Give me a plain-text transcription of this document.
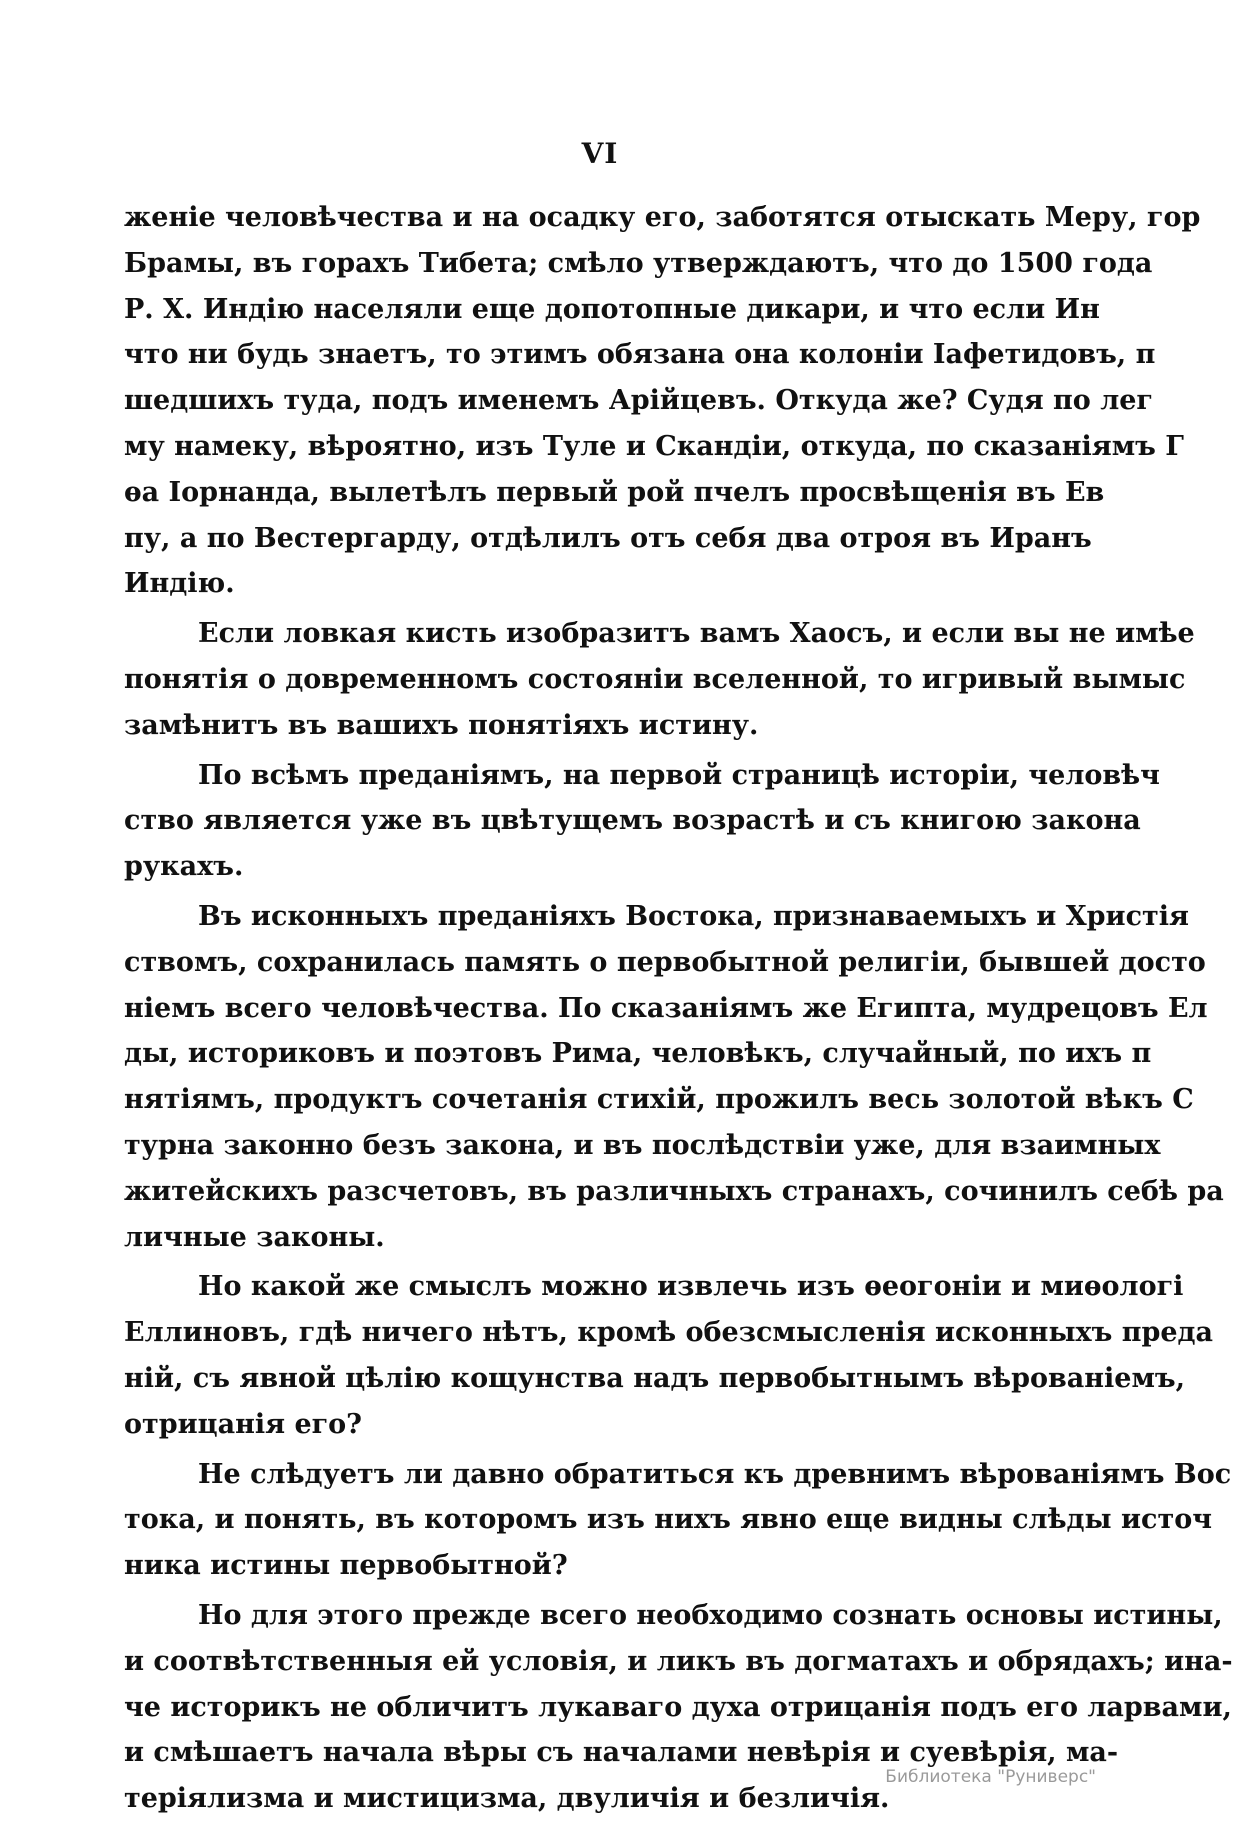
VI
женіе человѣчества и на осадку его, заботятся отыскать Меру, гор
Брамы, въ горахъ Тибета; смѣло утверждаютъ, что до 1500 года
Р. Х. Индію населяли еще допотопные дикари, и что если Ин
что ни будь знаетъ, то этимъ обязана она колоніи Іафетидовъ, п
шедшихъ туда, подъ именемъ Арійцевъ. Откуда же? Судя по лег
му намеку, вѣроятно, изъ Туле и Скандіи, откуда, по сказаніямъ Г
ѳа Іорнанда, вылетѣлъ первый рой пчелъ просвѣщенія въ Ев
пу, а по Вестергарду, отдѣлилъ отъ себя два отроя въ Иранъ
Индію.
Если ловкая кисть изобразитъ вамъ Хаосъ, и если вы не имѣе
понятія о довременномъ состояніи вселенной, то игривый вымыс
замѣнитъ въ вашихъ понятіяхъ истину.
По всѣмъ преданіямъ, на первой страницѣ исторіи, человѣч
ство является уже въ цвѣтущемъ возрастѣ и съ книгою закона
рукахъ.
Въ исконныхъ преданіяхъ Востока, признаваемыхъ и Христія
ствомъ, сохранилась память о первобытной религіи, бывшей досто
ніемъ всего человѣчества. По сказаніямъ же Египта, мудрецовъ Ел
ды, историковъ и поэтовъ Рима, человѣкъ, случайный, по ихъ п
нятіямъ, продуктъ сочетанія стихій, прожилъ весь золотой вѣкъ С
турна законно безъ закона, и въ послѣдствіи уже, для взаимных
житейскихъ разсчетовъ, въ различныхъ странахъ, сочинилъ себѣ ра
личные законы.
Но какой же смыслъ можно извлечь изъ ѳеогоніи и миѳологі
Еллиновъ, гдѣ ничего нѣтъ, кромѣ обезсмысленія исконныхъ преда
ній, съ явной цѣлію кощунства надъ первобытнымъ вѣрованіемъ,
отрицанія его?
Не слѣдуетъ ли давно обратиться къ древнимъ вѣрованіямъ Вос
тока, и понять, въ которомъ изъ нихъ явно еще видны слѣды источ
ника истины первобытной?
Но для этого прежде всего необходимо сознать основы истины,
и соотвѣтственныя ей условія, и ликъ въ догматахъ и обрядахъ; ина-
че историкъ не обличитъ лукаваго духа отрицанія подъ его ларвами,
и смѣшаетъ начала вѣры съ началами невѣрія и суевѣрія, ма-
теріялизма и мистицизма, двуличія и безличія.
Библиотека "Руниверс"
